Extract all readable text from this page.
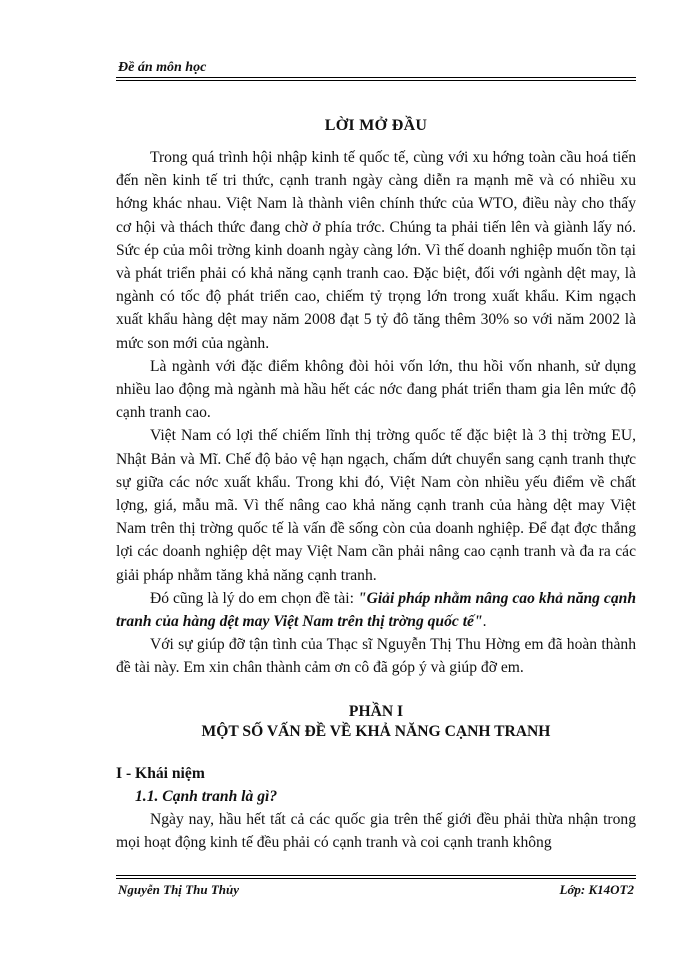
Đề án môn học
LỜI MỞ ĐẦU

Trong quá trình hội nhập kinh tế quốc tế, cùng với xu hớng toàn cầu hoá tiến đến nền kinh tế tri thức, cạnh tranh ngày càng diễn ra mạnh mẽ và có nhiều xu hớng khác nhau. Việt Nam là thành viên chính thức của WTO, điều này cho thấy cơ hội và thách thức đang chờ ở phía trớc. Chúng ta phải tiến lên và giành lấy nó. Sức ép của môi trờng kinh doanh ngày càng lớn. Vì thế doanh nghiệp muốn tồn tại và phát triển phải có khả năng cạnh tranh cao. Đặc biệt, đối với ngành dệt may, là ngành có tốc độ phát triển cao, chiếm tỷ trọng lớn trong xuất khẩu. Kim ngạch xuất khẩu hàng dệt may năm 2008 đạt 5 tỷ đô tăng thêm 30% so với năm 2002 là mức son mới của ngành.

Là ngành với đặc điểm không đòi hỏi vốn lớn, thu hồi vốn nhanh, sử dụng nhiều lao động mà ngành mà hầu hết các nớc đang phát triển tham gia lên mức độ cạnh tranh cao.

Việt Nam có lợi thế chiếm lĩnh thị trờng quốc tế đặc biệt là 3 thị trờng EU, Nhật Bản và Mĩ. Chế độ bảo vệ hạn ngạch, chấm dứt chuyển sang cạnh tranh thực sự giữa các nớc xuất khẩu. Trong khi đó, Việt Nam còn nhiều yếu điểm về chất lợng, giá, mẫu mã. Vì thế nâng cao khả năng cạnh tranh của hàng dệt may Việt Nam trên thị trờng quốc tế là vấn đề sống còn của doanh nghiệp. Để đạt đợc thắng lợi các doanh nghiệp dệt may Việt Nam cần phải nâng cao cạnh tranh và đa ra các giải pháp nhằm tăng khả năng cạnh tranh.

Đó cũng là lý do em chọn đề tài: "Giải pháp nhằm nâng cao khả năng cạnh tranh của hàng dệt may Việt Nam trên thị trờng quốc tế".

Với sự giúp đỡ tận tình của Thạc sĩ Nguyễn Thị Thu Hờng em đã hoàn thành đề tài này. Em xin chân thành cảm ơn cô đã góp ý và giúp đỡ em.

PHẦN I
MỘT SỐ VẤN ĐỀ VỀ KHẢ NĂNG CẠNH TRANH
I - Khái niệm
1.1. Cạnh tranh là gì?

Ngày nay, hầu hết tất cả các quốc gia trên thế giới đều phải thừa nhận trong mọi hoạt động kinh tế đều phải có cạnh tranh và coi cạnh tranh không

Nguyễn Thị Thu Thủy	Lớp: K14OT2
